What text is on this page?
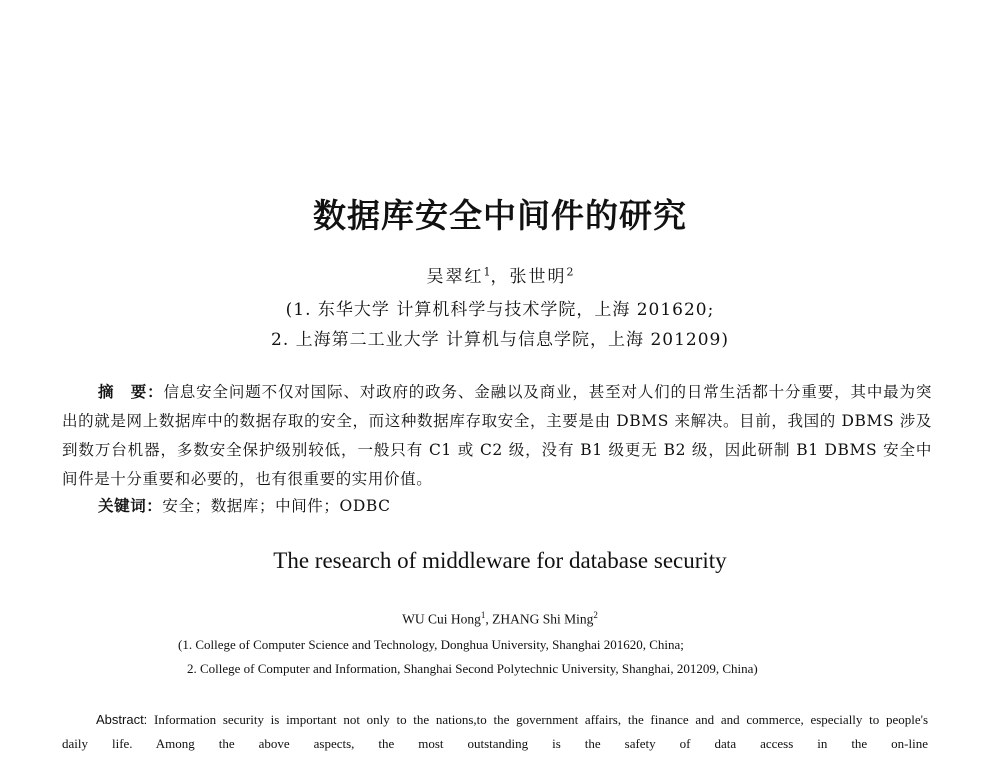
数据库安全中间件的研究
吴翠红$^1$，张世明$^2$
(1. 东华大学 计算机科学与技术学院，上海 201620;
2. 上海第二工业大学 计算机与信息学院，上海 201209)
摘　要：信息安全问题不仅对国际、对政府的政务、金融以及商业，甚至对人们的日常生活都十分重要，其中最为突出的就是网上数据库中的数据存取的安全，而这种数据库存取安全，主要是由 DBMS 来解决。目前，我国的 DBMS 涉及到数万台机器，多数安全保护级别较低，一般只有 C1 或 C2 级，没有 B1 级更无 B2 级，因此研制 B1 DBMS 安全中间件是十分重要和必要的，也有很重要的实用价值。
关键词：安全；数据库；中间件；ODBC
The research of middleware for database security
WU Cui Hong$^1$, ZHANG Shi Ming$^2$
(1. College of Computer Science and Technology, Donghua University, Shanghai 201620, China;
2. College of Computer and Information, Shanghai Second Polytechnic University, Shanghai, 201209, China)
Abstract: Information security is important not only to the nations,to the government affairs, the finance and and commerce, especially to people's daily life. Among the above aspects, the most outstanding is the safety of data access in the on-line
